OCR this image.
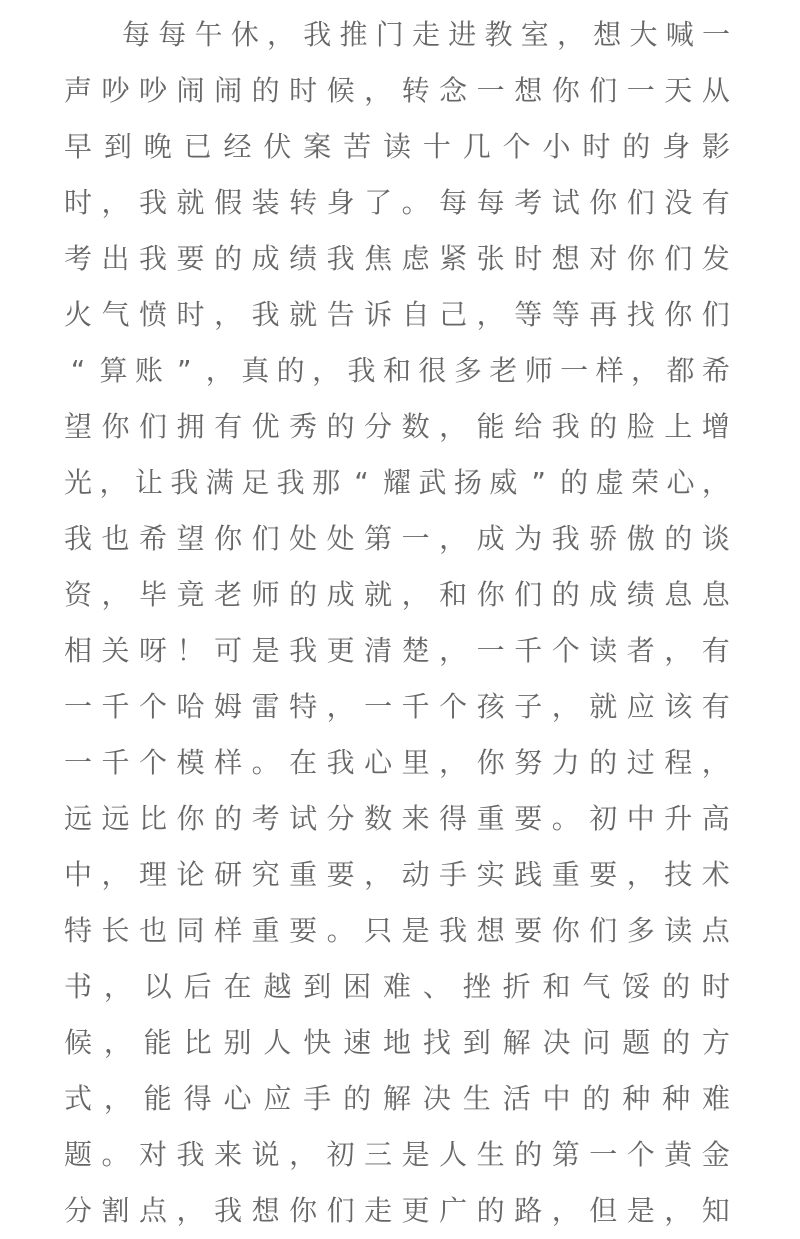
每 每 午 休 ， 我 推 门 走 进 教 室 ， 想 大 喊 一
声 吵 吵 闹 闹 的 时 候 ， 转 念 一 想 你 们 一 天 从
早 到 晚 已 经 伏 案 苦 读 十 几 个 小 时 的 身 影
时 ， 我 就 假 装 转 身 了 。 每 每 考 试 你 们 没 有
考 出 我 要 的 成 绩 我 焦 虑 紧 张 时 想 对 你 们 发
火 气 愤 时 ， 我 就 告 诉 自 己 ， 等 等 再 找 你 们
“ 算 账 ” ， 真 的 ， 我 和 很 多 老 师 一 样 ， 都 希
望 你 们 拥 有 优 秀 的 分 数 ， 能 给 我 的 脸 上 增
光 ， 让 我 满 足 我 那 “ 耀 武 扬 威 ” 的 虚 荣 心 ，
我 也 希 望 你 们 处 处 第 一 ， 成 为 我 骄 傲 的 谈
资 ， 毕 竟 老 师 的 成 就 ， 和 你 们 的 成 绩 息 息
相 关 呀 ！ 可 是 我 更 清 楚 ， 一 千 个 读 者 ， 有
一 千 个 哈 姆 雷 特 ， 一 千 个 孩 子 ， 就 应 该 有
一 千 个 模 样 。 在 我 心 里 ， 你 努 力 的 过 程 ，
远 远 比 你 的 考 试 分 数 来 得 重 要 。 初 中 升 高
中 ， 理 论 研 究 重 要 ， 动 手 实 践 重 要 ， 技 术
特 长 也 同 样 重 要 。 只 是 我 想 要 你 们 多 读 点
书 ， 以 后 在 越 到 困 难 、 挫 折 和 气 馁 的 时
候 ， 能 比 别 人 快 速 地 找 到 解 决 问 题 的 方
式 ， 能 得 心 应 手 的 解 决 生 活 中 的 种 种 难
题 。 对 我 来 说 ， 初 三 是 人 生 的 第 一 个 黄 金
分 割 点 ， 我 想 你 们 走 更 广 的 路 ， 但 是 ， 知
